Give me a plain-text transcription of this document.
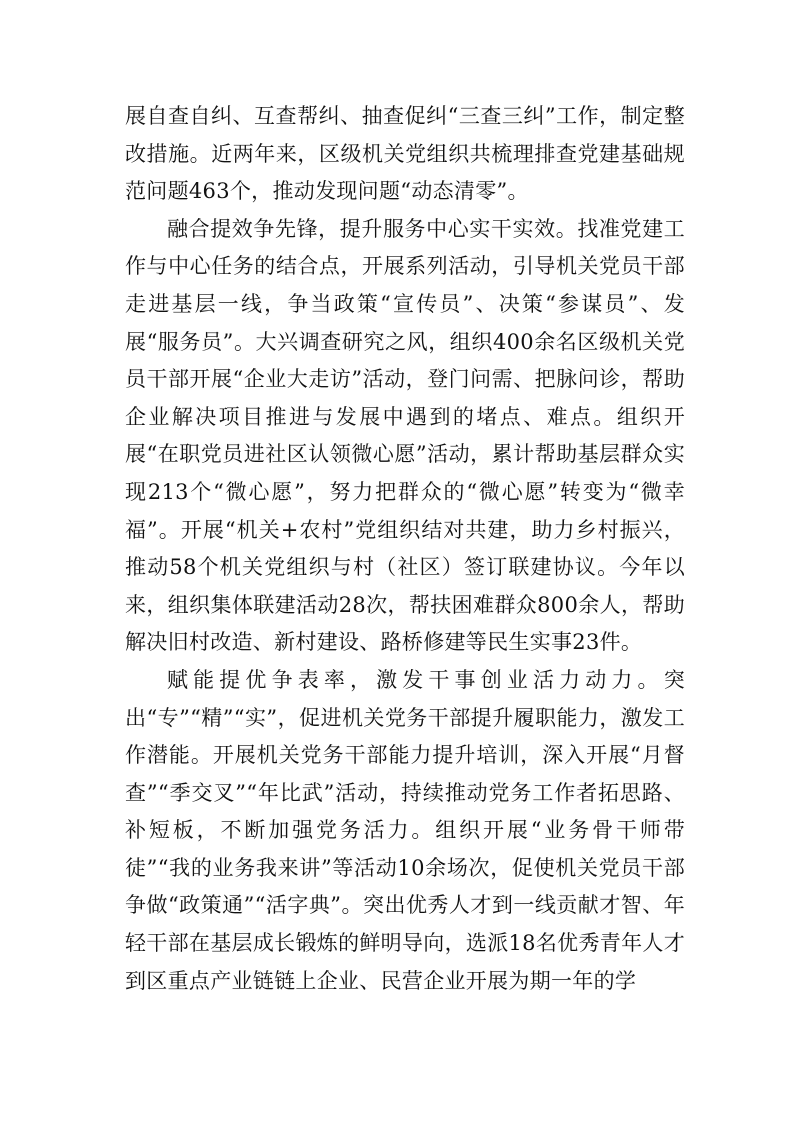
展自查自纠、互查帮纠、抽查促纠“三查三纠”工作，制定整改措施。近两年来，区级机关党组织共梳理排查党建基础规范问题463个，推动发现问题“动态清零”。

融合提效争先锋，提升服务中心实干实效。找准党建工作与中心任务的结合点，开展系列活动，引导机关党员干部走进基层一线，争当政策“宣传员”、决策“参谋员”、发展“服务员”。大兴调查研究之风，组织400余名区级机关党员干部开展“企业大走访”活动，登门问需、把脉问诊，帮助企业解决项目推进与发展中遇到的堵点、难点。组织开展“在职党员进社区认领微心愿”活动，累计帮助基层群众实现213个“微心愿”，努力把群众的“微心愿”转变为“微幸福”。开展“机关+农村”党组织结对共建，助力乡村振兴，推动58个机关党组织与村（社区）签订联建协议。今年以来，组织集体联建活动28次，帮扶困难群众800余人，帮助解决旧村改造、新村建设、路桥修建等民生实事23件。

赋能提优争表率，激发干事创业活力动力。突出“专”“精”“实”，促进机关党务干部提升履职能力，激发工作潜能。开展机关党务干部能力提升培训，深入开展“月督查”“季交叉”“年比武”活动，持续推动党务工作者拓思路、补短板，不断加强党务活力。组织开展“业务骨干师带徒”“我的业务我来讲”等活动10余场次，促使机关党员干部争做“政策通”“活字典”。突出优秀人才到一线贡献才智、年轻干部在基层成长锻炼的鲜明导向，选派18名优秀青年人才到区重点产业链链上企业、民营企业开展为期一年的学
